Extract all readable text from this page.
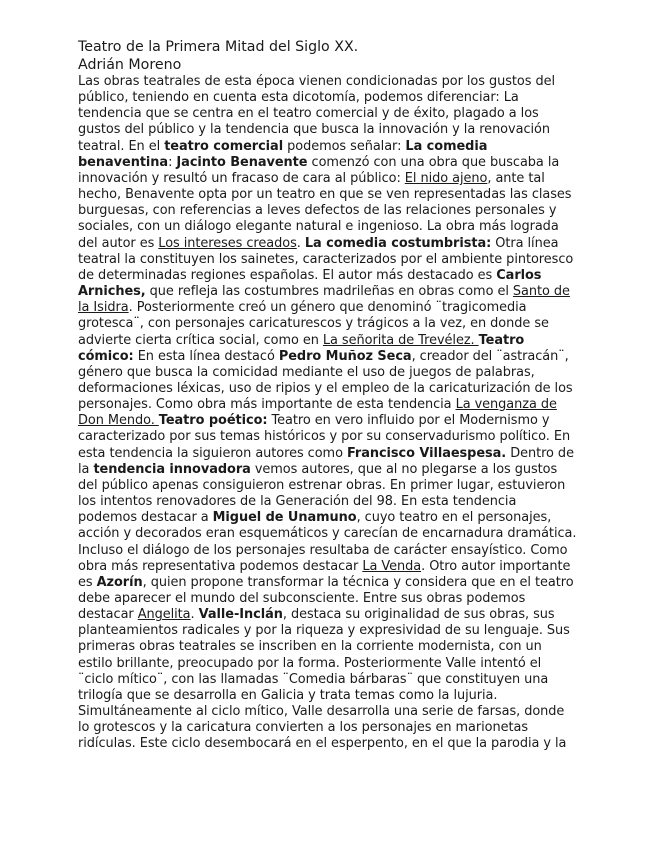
Teatro de la Primera Mitad del Siglo XX.
Adrián Moreno
Las obras teatrales de esta época vienen condicionadas por los gustos del
público, teniendo en cuenta esta dicotomía, podemos diferenciar: La
tendencia que se centra en el teatro comercial y de éxito, plagado a los
gustos del público y la tendencia que busca la innovación y la renovación
teatral. En el teatro comercial podemos señalar: La comedia
benaventina: Jacinto Benavente comenzó con una obra que buscaba la
innovación y resultó un fracaso de cara al público: El nido ajeno, ante tal
hecho, Benavente opta por un teatro en que se ven representadas las clases
burguesas, con referencias a leves defectos de las relaciones personales y
sociales, con un diálogo elegante natural e ingenioso. La obra más lograda
del autor es Los intereses creados. La comedia costumbrista: Otra línea
teatral la constituyen los sainetes, caracterizados por el ambiente pintoresco
de determinadas regiones españolas. El autor más destacado es Carlos
Arniches, que refleja las costumbres madrileñas en obras como el Santo de
la Isidra. Posteriormente creó un género que denominó ¨tragicomedia
grotesca¨, con personajes caricaturescos y trágicos a la vez, en donde se
advierte cierta crítica social, como en La señorita de Trevélez. Teatro
cómico: En esta línea destacó Pedro Muñoz Seca, creador del ¨astracán¨,
género que busca la comicidad mediante el uso de juegos de palabras,
deformaciones léxicas, uso de ripios y el empleo de la caricaturización de los
personajes. Como obra más importante de esta tendencia La venganza de
Don Mendo. Teatro poético: Teatro en vero influido por el Modernismo y
caracterizado por sus temas históricos y por su conservadurismo político. En
esta tendencia la siguieron autores como Francisco Villaespesa. Dentro de
la tendencia innovadora vemos autores, que al no plegarse a los gustos
del público apenas consiguieron estrenar obras. En primer lugar, estuvieron
los intentos renovadores de la Generación del 98. En esta tendencia
podemos destacar a Miguel de Unamuno, cuyo teatro en el personajes,
acción y decorados eran esquemáticos y carecían de encarnadura dramática.
Incluso el diálogo de los personajes resultaba de carácter ensayístico. Como
obra más representativa podemos destacar La Venda. Otro autor importante
es Azorín, quien propone transformar la técnica y considera que en el teatro
debe aparecer el mundo del subconsciente. Entre sus obras podemos
destacar Angelita. Valle-Inclán, destaca su originalidad de sus obras, sus
planteamientos radicales y por la riqueza y expresividad de su lenguaje. Sus
primeras obras teatrales se inscriben en la corriente modernista, con un
estilo brillante, preocupado por la forma. Posteriormente Valle intentó el
¨ciclo mítico¨, con las llamadas ¨Comedia bárbaras¨ que constituyen una
trilogía que se desarrolla en Galicia y trata temas como la lujuria.
Simultáneamente al ciclo mítico, Valle desarrolla una serie de farsas, donde
lo grotescos y la caricatura convierten a los personajes en marionetas
ridículas. Este ciclo desembocará en el esperpento, en el que la parodia y la
